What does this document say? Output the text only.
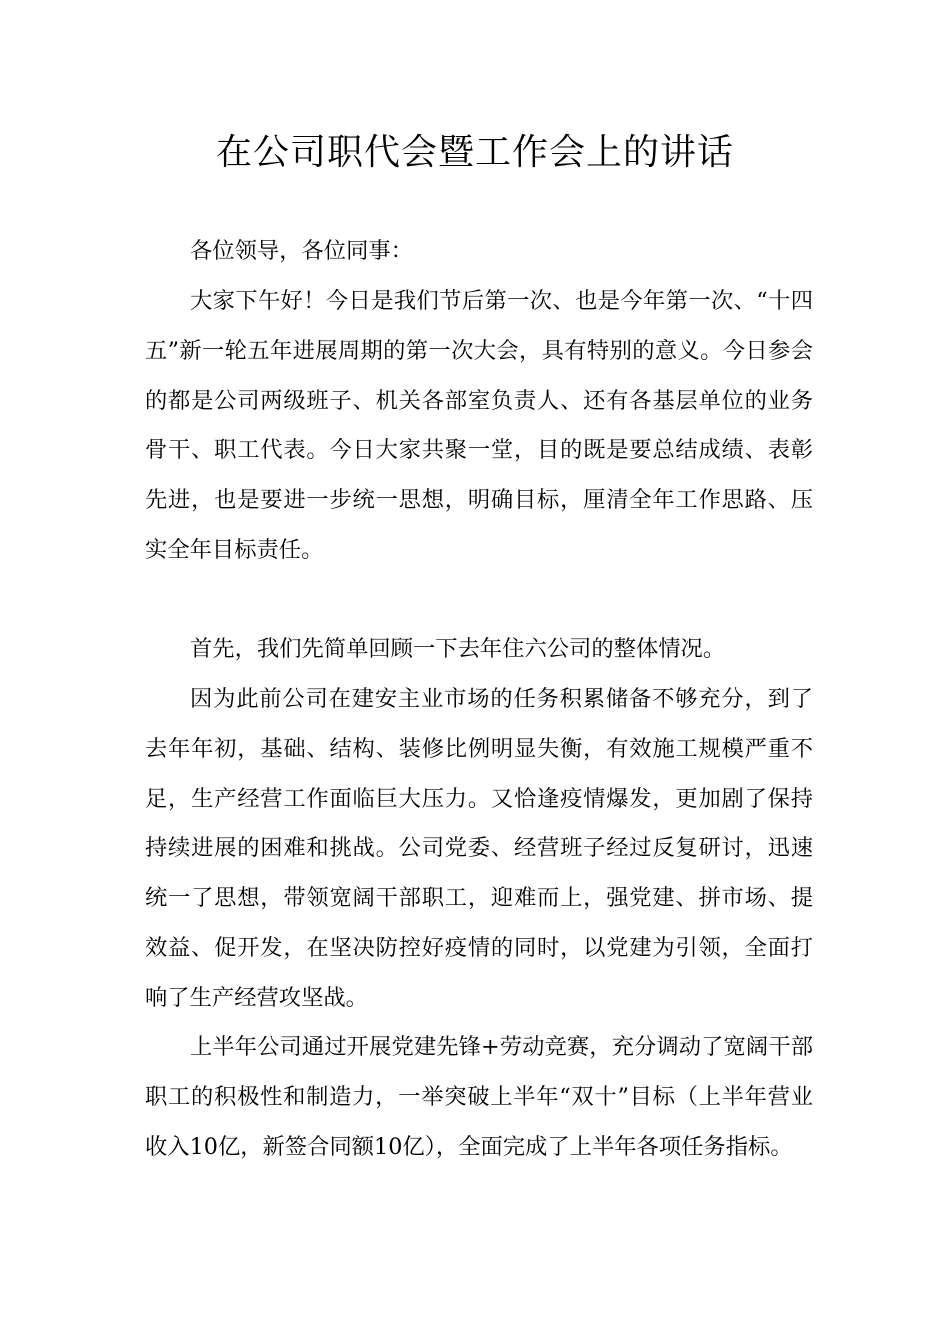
在公司职代会暨工作会上的讲话

各位领导，各位同事：

大家下午好！今日是我们节后第一次、也是今年第一次、“十四五”新一轮五年进展周期的第一次大会，具有特别的意义。今日参会的都是公司两级班子、机关各部室负责人、还有各基层单位的业务骨干、职工代表。今日大家共聚一堂，目的既是要总结成绩、表彰先进，也是要进一步统一思想，明确目标，厘清全年工作思路、压实全年目标责任。

首先，我们先简单回顾一下去年住六公司的整体情况。

因为此前公司在建安主业市场的任务积累储备不够充分，到了去年年初，基础、结构、装修比例明显失衡，有效施工规模严重不足，生产经营工作面临巨大压力。又恰逢疫情爆发，更加剧了保持持续进展的困难和挑战。公司党委、经营班子经过反复研讨，迅速统一了思想，带领宽阔干部职工，迎难而上，强党建、拼市场、提效益、促开发，在坚决防控好疫情的同时，以党建为引领，全面打响了生产经营攻坚战。

上半年公司通过开展党建先锋+劳动竞赛，充分调动了宽阔干部职工的积极性和制造力，一举突破上半年“双十”目标（上半年营业收入10亿，新签合同额10亿），全面完成了上半年各项任务指标。
